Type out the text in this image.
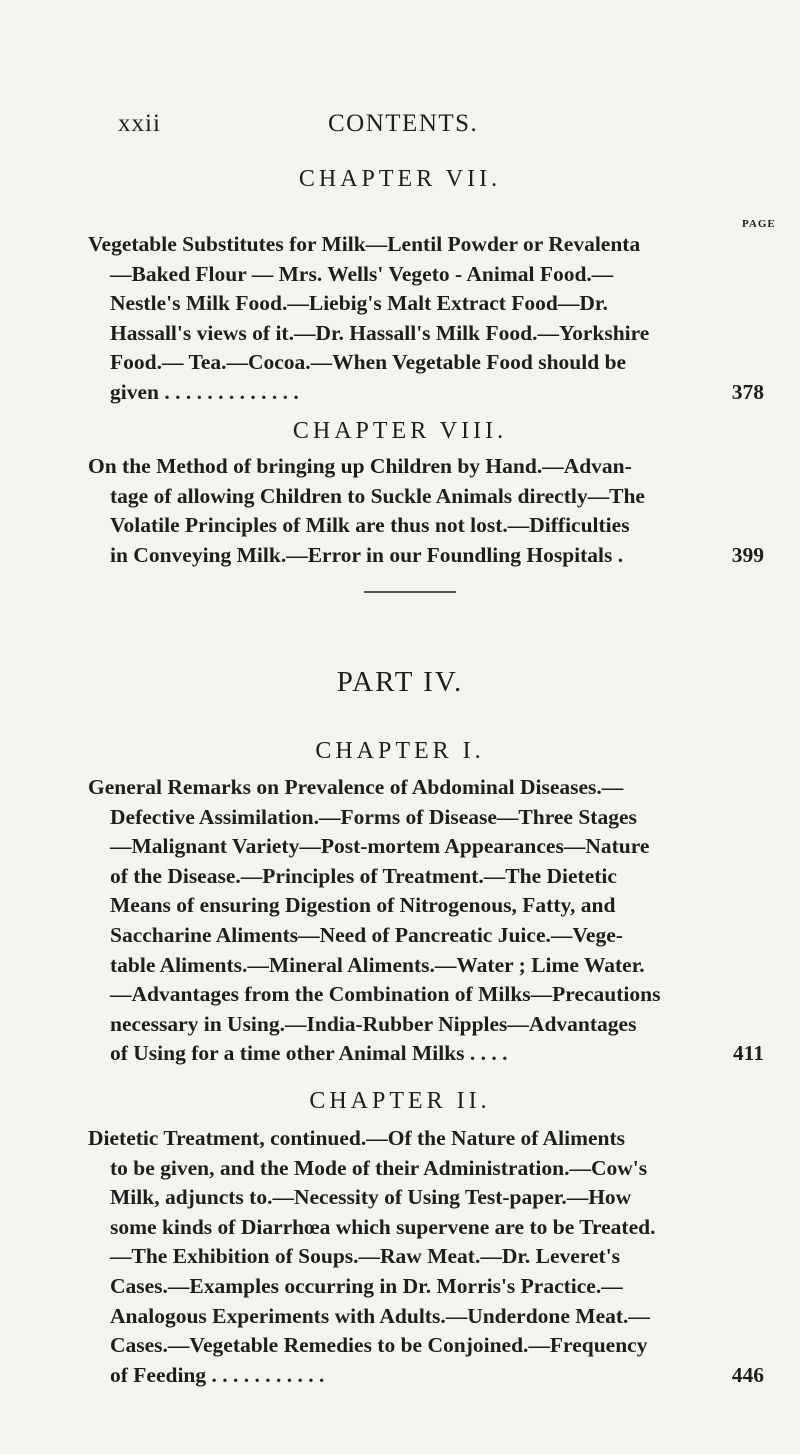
xxii	CONTENTS.
CHAPTER VII.
PAGE
Vegetable Substitutes for Milk—Lentil Powder or Revalenta
—Baked Flour — Mrs. Wells' Vegeto - Animal Food.—
Nestle's Milk Food.—Liebig's Malt Extract Food—Dr.
Hassall's views of it.—Dr. Hassall's Milk Food.—Yorkshire
Food.— Tea.—Cocoa.—When Vegetable Food should be
given . . . . . . . . . . . . .	378
CHAPTER VIII.
On the Method of bringing up Children by Hand.—Advan-
tage of allowing Children to Suckle Animals directly—The
Volatile Principles of Milk are thus not lost.—Difficulties
in Conveying Milk.—Error in our Foundling Hospitals .	399
PART IV.
CHAPTER I.
General Remarks on Prevalence of Abdominal Diseases.—
Defective Assimilation.—Forms of Disease—Three Stages
—Malignant Variety—Post-mortem Appearances—Nature
of the Disease.—Principles of Treatment.—The Dietetic
Means of ensuring Digestion of Nitrogenous, Fatty, and
Saccharine Aliments—Need of Pancreatic Juice.—Vege-
table Aliments.—Mineral Aliments.—Water ; Lime Water.
—Advantages from the Combination of Milks—Precautions
necessary in Using.—India-Rubber Nipples—Advantages
of Using for a time other Animal Milks . . . .	411
CHAPTER II.
Dietetic Treatment, continued.—Of the Nature of Aliments
to be given, and the Mode of their Administration.—Cow's
Milk, adjuncts to.—Necessity of Using Test-paper.—How
some kinds of Diarrhœa which supervene are to be Treated.
—The Exhibition of Soups.—Raw Meat.—Dr. Leveret's
Cases.—Examples occurring in Dr. Morris's Practice.—
Analogous Experiments with Adults.—Underdone Meat.—
Cases.—Vegetable Remedies to be Conjoined.—Frequency
of Feeding . . . . . . . . . . .	446
